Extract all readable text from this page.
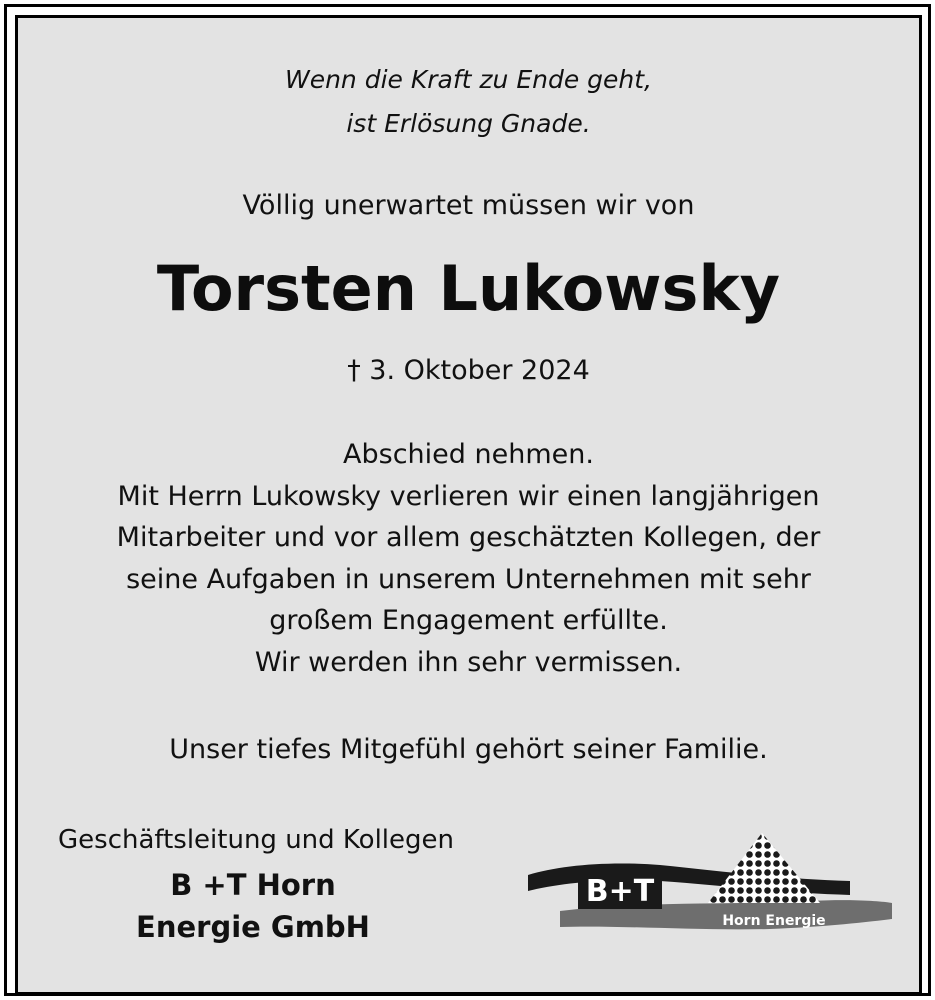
Wenn die Kraft zu Ende geht,
ist Erlösung Gnade.
Völlig unerwartet müssen wir von
Torsten Lukowsky
† 3. Oktober 2024
Abschied nehmen.
Mit Herrn Lukowsky verlieren wir einen langjährigen
Mitarbeiter und vor allem geschätzten Kollegen, der
seine Aufgaben in unserem Unternehmen mit sehr
großem Engagement erfüllte.
Wir werden ihn sehr vermissen.
Unser tiefes Mitgefühl gehört seiner Familie.
Geschäftsleitung und Kollegen
B +T Horn
Energie GmbH
B+T
Horn Energie
